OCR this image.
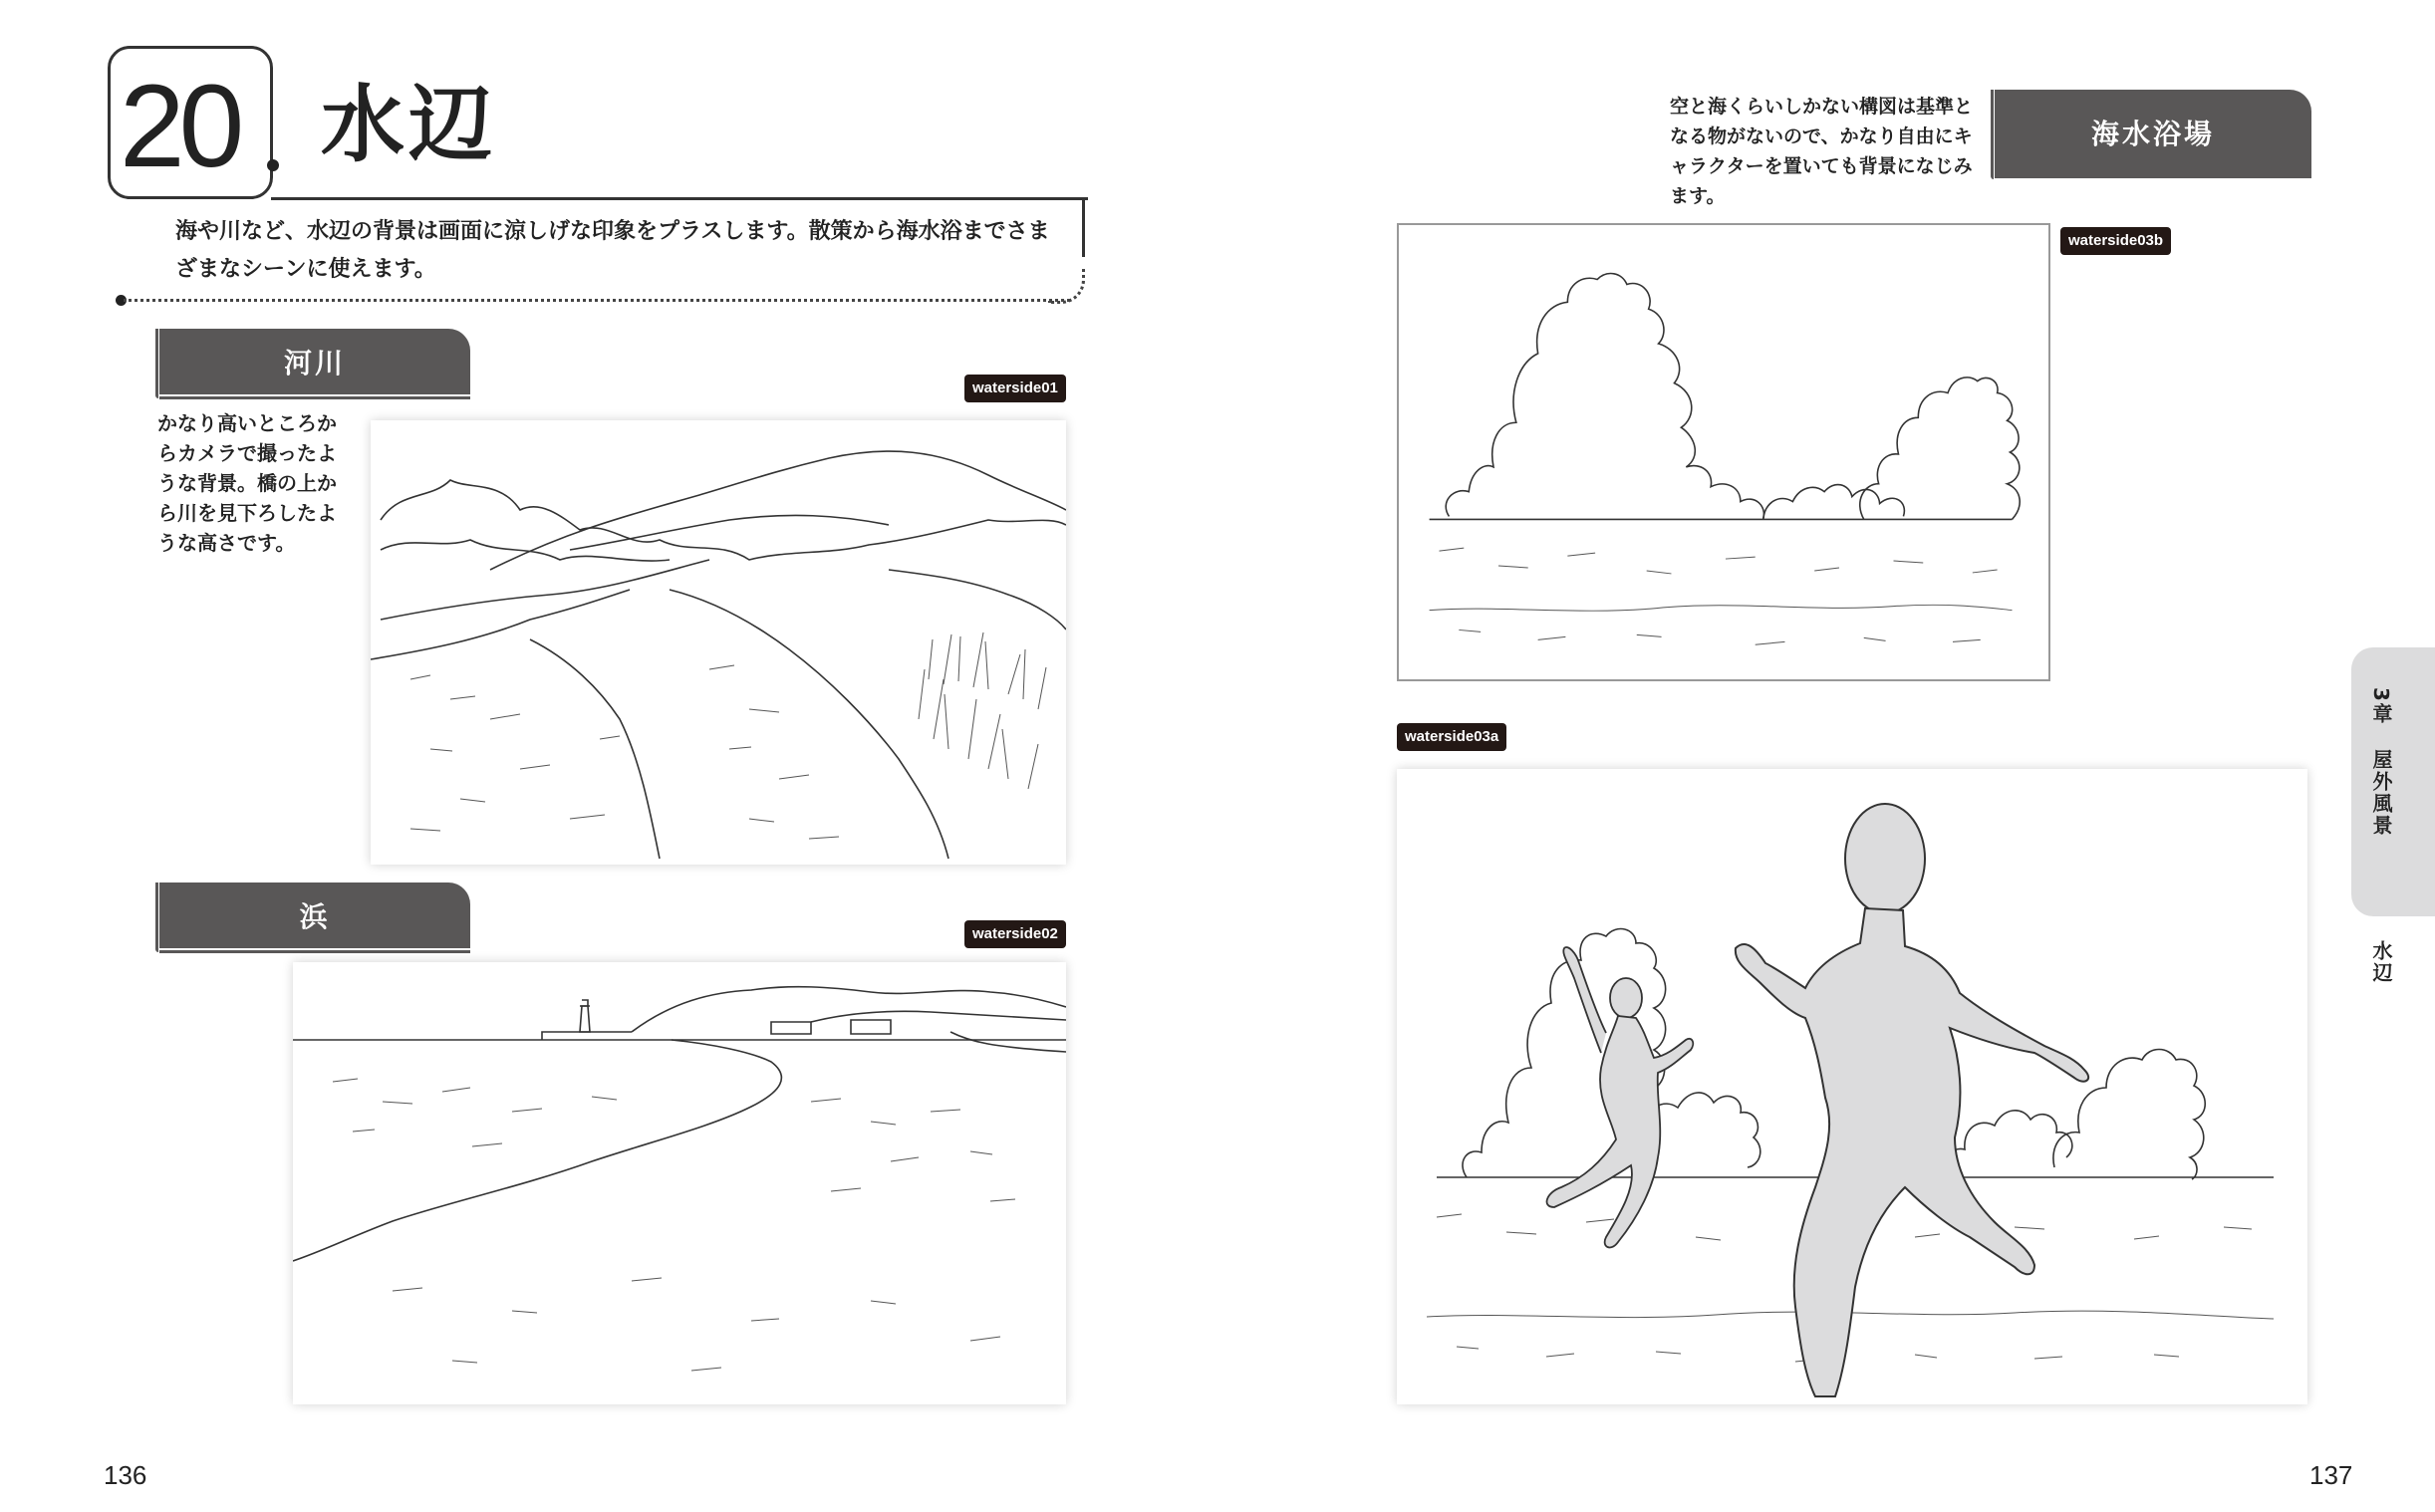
20 水辺
海や川など、水辺の背景は画面に涼しげな印象をプラスします。散策から海水浴までさまざまなシーンに使えます。
河川
waterside01
かなり高いところからカメラで撮ったような背景。橋の上から川を見下ろしたような高さです。
浜
waterside02
136
空と海くらいしかない構図は基準となる物がないので、かなり自由にキャラクターを置いても背景になじみます。
海水浴場
waterside03b
waterside03a
137
3章
屋外風景
水辺
